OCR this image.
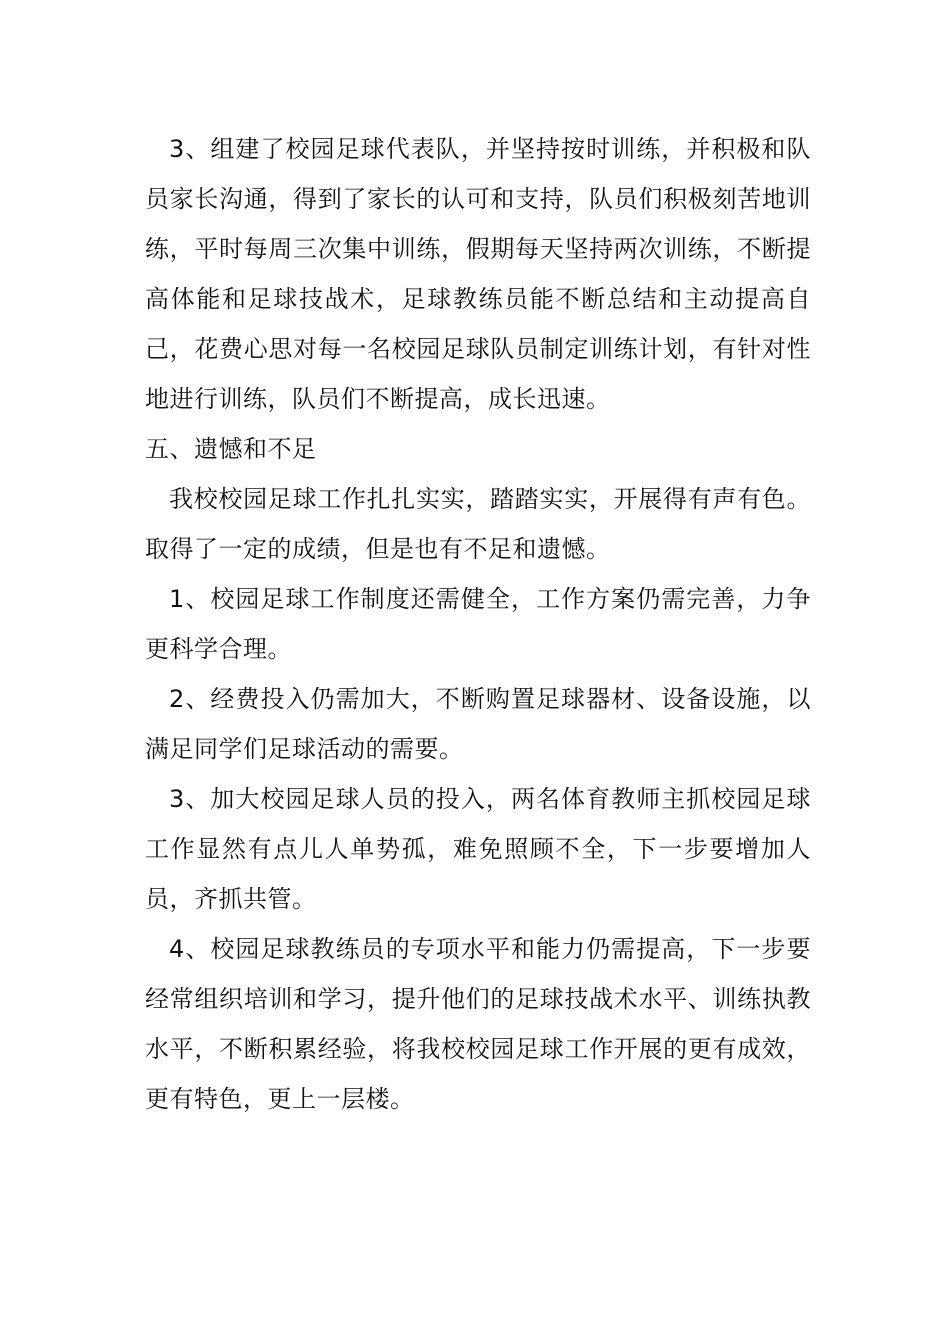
3、组建了校园足球代表队，并坚持按时训练，并积极和队员家长沟通，得到了家长的认可和支持，队员们积极刻苦地训练，平时每周三次集中训练，假期每天坚持两次训练，不断提高体能和足球技战术，足球教练员能不断总结和主动提高自己，花费心思对每一名校园足球队员制定训练计划，有针对性地进行训练，队员们不断提高，成长迅速。

五、遗憾和不足

我校校园足球工作扎扎实实，踏踏实实，开展得有声有色。取得了一定的成绩，但是也有不足和遗憾。

1、校园足球工作制度还需健全，工作方案仍需完善，力争更科学合理。

2、经费投入仍需加大，不断购置足球器材、设备设施，以满足同学们足球活动的需要。

3、加大校园足球人员的投入，两名体育教师主抓校园足球工作显然有点儿人单势孤，难免照顾不全，下一步要增加人员，齐抓共管。

4、校园足球教练员的专项水平和能力仍需提高，下一步要经常组织培训和学习，提升他们的足球技战术水平、训练执教水平，不断积累经验，将我校校园足球工作开展的更有成效，更有特色，更上一层楼。
